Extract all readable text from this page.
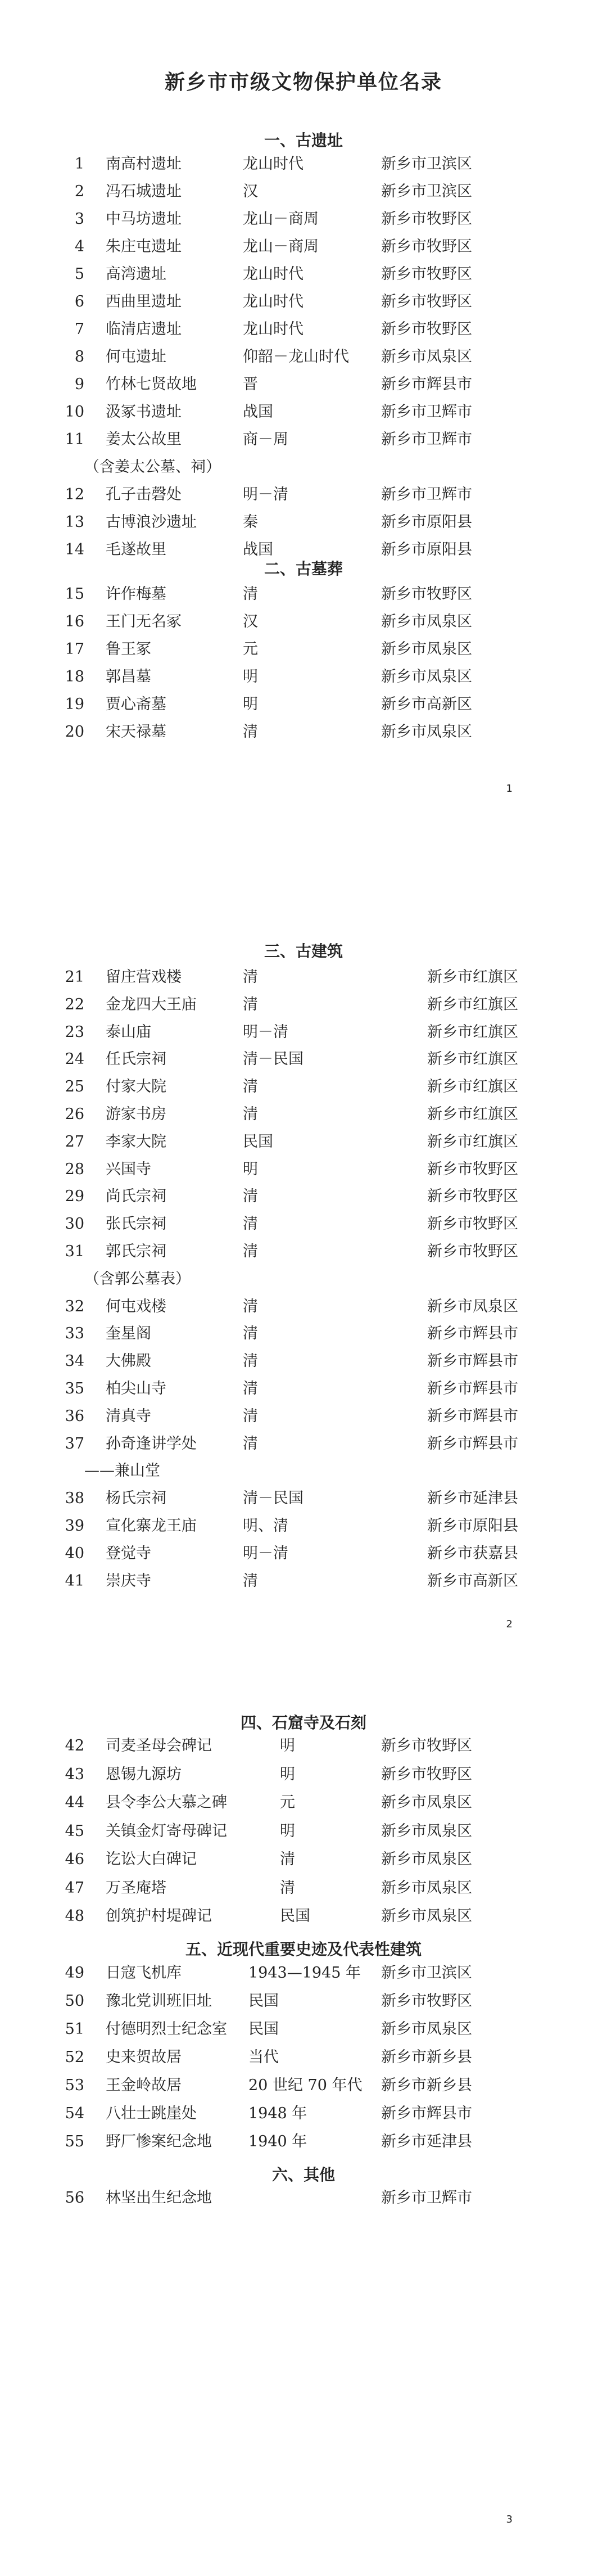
新乡市市级文物保护单位名录
一、古遗址
1 南高村遗址	龙山时代	新乡市卫滨区
2 冯石城遗址	汉	新乡市卫滨区
3 中马坊遗址	龙山－商周	新乡市牧野区
4 朱庄屯遗址	龙山－商周	新乡市牧野区
5 高湾遗址	龙山时代	新乡市牧野区
6 西曲里遗址	龙山时代	新乡市牧野区
7 临清店遗址	龙山时代	新乡市牧野区
8 何屯遗址	仰韶－龙山时代 新乡市凤泉区
9 竹林七贤故地	晋	新乡市辉县市
10 汲冢书遗址	战国	新乡市卫辉市
11 姜太公故里	商－周	新乡市卫辉市
（含姜太公墓、祠）
12 孔子击磬处	明－清	新乡市卫辉市
13 古博浪沙遗址	秦	新乡市原阳县
14 毛遂故里	战国	新乡市原阳县
二、古墓葬
15 许作梅墓	清	新乡市牧野区
16 王门无名冢	汉	新乡市凤泉区
17 鲁王冢	元	新乡市凤泉区
18 郭昌墓	明	新乡市凤泉区
19 贾心斋墓	明	新乡市高新区
20 宋天禄墓	清	新乡市凤泉区
三、古建筑
21 留庄营戏楼	清	新乡市红旗区
22 金龙四大王庙	清	新乡市红旗区
23 泰山庙	明－清	新乡市红旗区
24 任氏宗祠	清－民国	新乡市红旗区
25 付家大院	清	新乡市红旗区
26 游家书房	清	新乡市红旗区
27 李家大院	民国	新乡市红旗区
28 兴国寺	明	新乡市牧野区
29 尚氏宗祠	清	新乡市牧野区
30 张氏宗祠	清	新乡市牧野区
31 郭氏宗祠	清	新乡市牧野区
（含郭公墓表）
32 何屯戏楼	清	新乡市凤泉区
33 奎星阁	清	新乡市辉县市
34 大佛殿	清	新乡市辉县市
35 柏尖山寺	清	新乡市辉县市
36 清真寺	清	新乡市辉县市
37 孙奇逢讲学处	清	新乡市辉县市
——兼山堂
38 杨氏宗祠	清－民国	新乡市延津县
39 宣化寨龙王庙	明、清	新乡市原阳县
40 登觉寺	明－清	新乡市获嘉县
41 崇庆寺	清	新乡市高新区
四、石窟寺及石刻
42 司麦圣母会碑记	明	新乡市牧野区
43 恩锡九源坊	明	新乡市牧野区
44 县令李公大慕之碑	元	新乡市凤泉区
45 关镇金灯寄母碑记	明	新乡市凤泉区
46 讫讼大白碑记	清	新乡市凤泉区
47 万圣庵塔	清	新乡市凤泉区
48 创筑护村堤碑记	民国	新乡市凤泉区
五、近现代重要史迹及代表性建筑
49 日寇飞机库	1943—1945 年 新乡市卫滨区
50 豫北党训班旧址 民国	新乡市牧野区
51 付德明烈士纪念室 民国	新乡市凤泉区
52 史来贺故居	当代	新乡市新乡县
53 王金岭故居	20 世纪 70 年代 新乡市新乡县
54 八壮士跳崖处	1948 年	新乡市辉县市
55 野厂惨案纪念地 1940 年	新乡市延津县
六、其他
56 林坚出生纪念地	新乡市卫辉市
1
2
3
